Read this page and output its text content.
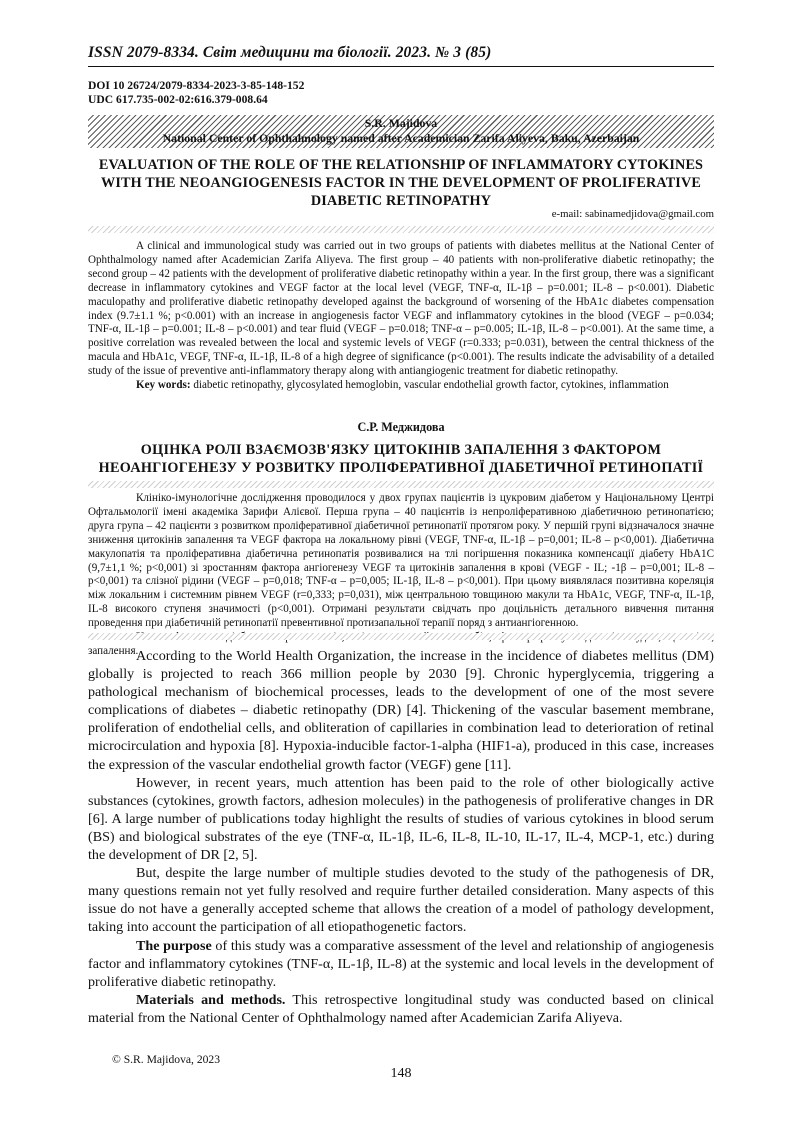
ISSN 2079-8334. Світ медицини та біології. 2023. № 3 (85)
DOI 10 26724/2079-8334-2023-3-85-148-152
UDC 617.735-002-02:616.379-008.64
S.R. Majidova
National Center of Ophthalmology named after Academician Zarifa Aliyeva, Baku, Azerbaijan
EVALUATION OF THE ROLE OF THE RELATIONSHIP OF INFLAMMATORY CYTOKINES WITH THE NEOANGIOGENESIS FACTOR IN THE DEVELOPMENT OF PROLIFERATIVE DIABETIC RETINOPATHY
e-mail: sabinamedjidova@gmail.com

A clinical and immunological study was carried out in two groups of patients with diabetes mellitus at the National Center of Ophthalmology named after Academician Zarifa Aliyeva. The first group – 40 patients with non-proliferative diabetic retinopathy; the second group – 42 patients with the development of proliferative diabetic retinopathy within a year. In the first group, there was a significant decrease in inflammatory cytokines and VEGF factor at the local level (VEGF, TNF-α, IL-1β – p=0.001; IL-8 – p<0.001). Diabetic maculopathy and proliferative diabetic retinopathy developed against the background of worsening of the HbA1c diabetes compensation index (9.7±1.1 %; p<0.001) with an increase in angiogenesis factor VEGF and inflammatory cytokines in the blood (VEGF – p=0.034; TNF-α, IL-1β – p=0.001; IL-8 – p<0.001) and tear fluid (VEGF – p=0.018; TNF-α – p=0.005; IL-1β, IL-8 – p<0.001). At the same time, a positive correlation was revealed between the local and systemic levels of VEGF (r=0.333; p=0.031), between the central thickness of the macula and HbA1c, VEGF, TNF-α, IL-1β, IL-8 of a high degree of significance (p<0.001). The results indicate the advisability of a detailed study of the issue of preventive anti-inflammatory therapy along with antiangiogenic treatment for diabetic retinopathy.

Key words: diabetic retinopathy, glycosylated hemoglobin, vascular endothelial growth factor, cytokines, inflammation

С.Р. Меджидова
ОЦІНКА РОЛІ ВЗАЄМОЗВ'ЯЗКУ ЦИТОКІНІВ ЗАПАЛЕННЯ З ФАКТОРОМ НЕОАНГІОГЕНЕЗУ У РОЗВИТКУ ПРОЛІФЕРАТИВНОЇ ДІАБЕТИЧНОЇ РЕТИНОПАТІЇ

Клініко-імунологічне дослідження проводилося у двох групах пацієнтів із цукровим діабетом у Національному Центрі Офтальмології імені академіка Зарифи Алієвої. Перша група – 40 пацієнтів із непроліферативною діабетичною ретинопатією; друга група – 42 пацієнти з розвитком проліферативної діабетичної ретинопатії протягом року. У першій групі відзначалося значне зниження цитокінів запалення та VEGF фактора на локальному рівні (VEGF, TNF-α, IL-1β – p=0,001; IL-8 – p<0,001). Діабетична макулопатія та проліферативна діабетична ретинопатія розвивалися на тлі погіршення показника компенсації діабету HbA1C (9,7±1,1 %; p<0,001) зі зростанням фактора ангіогенезу VEGF та цитокінів запалення в крові (VEGF - IL; -1β – p=0,001; IL-8 – p<0,001) та слізної рідини (VEGF – p=0,018; TNF-α – p=0,005; IL-1β, IL-8 – p<0,001). При цьому виявлялася позитивна кореляція між локальним і системним рівнем VEGF (r=0,333; p=0,031), між центральною товщиною макули та HbA1c, VEGF, TNF-α, IL-1β, IL-8 високого ступеня значимості (p<0,001). Отримані результати свідчать про доцільність детального вивчення питання проведення при діабетичній ретинопатії превентивної протизапальної терапії поряд з антиангіогенною.

запалення.

According to the World Health Organization, the increase in the incidence of diabetes mellitus (DM) globally is projected to reach 366 million people by 2030 [9]. Chronic hyperglycemia, triggering a pathological mechanism of biochemical processes, leads to the development of one of the most severe complications of diabetes – diabetic retinopathy (DR) [4]. Thickening of the vascular basement membrane, proliferation of endothelial cells, and obliteration of capillaries in combination lead to deterioration of retinal microcirculation and hypoxia [8]. Hypoxia-inducible factor-1-alpha (HIF1-a), produced in this case, increases the expression of the vascular endothelial growth factor (VEGF) gene [11].

However, in recent years, much attention has been paid to the role of other biologically active substances (cytokines, growth factors, adhesion molecules) in the pathogenesis of proliferative changes in DR [6]. A large number of publications today highlight the results of studies of various cytokines in blood serum (BS) and biological substrates of the eye (TNF-α, IL-1β, IL-6, IL-8, IL-10, IL-17, IL-4, MCP-1, etc.) during the development of DR [2, 5].

But, despite the large number of multiple studies devoted to the study of the pathogenesis of DR, many questions remain not yet fully resolved and require further detailed consideration. Many aspects of this issue do not have a generally accepted scheme that allows the creation of a model of pathology development, taking into account the participation of all etiopathogenetic factors.

The purpose of this study was a comparative assessment of the level and relationship of angiogenesis factor and inflammatory cytokines (TNF-α, IL-1β, IL-8) at the systemic and local levels in the development of proliferative diabetic retinopathy.

Materials and methods. This retrospective longitudinal study was conducted based on clinical material from the National Center of Ophthalmology named after Academician Zarifa Aliyeva.

© S.R. Majidova, 2023
148
